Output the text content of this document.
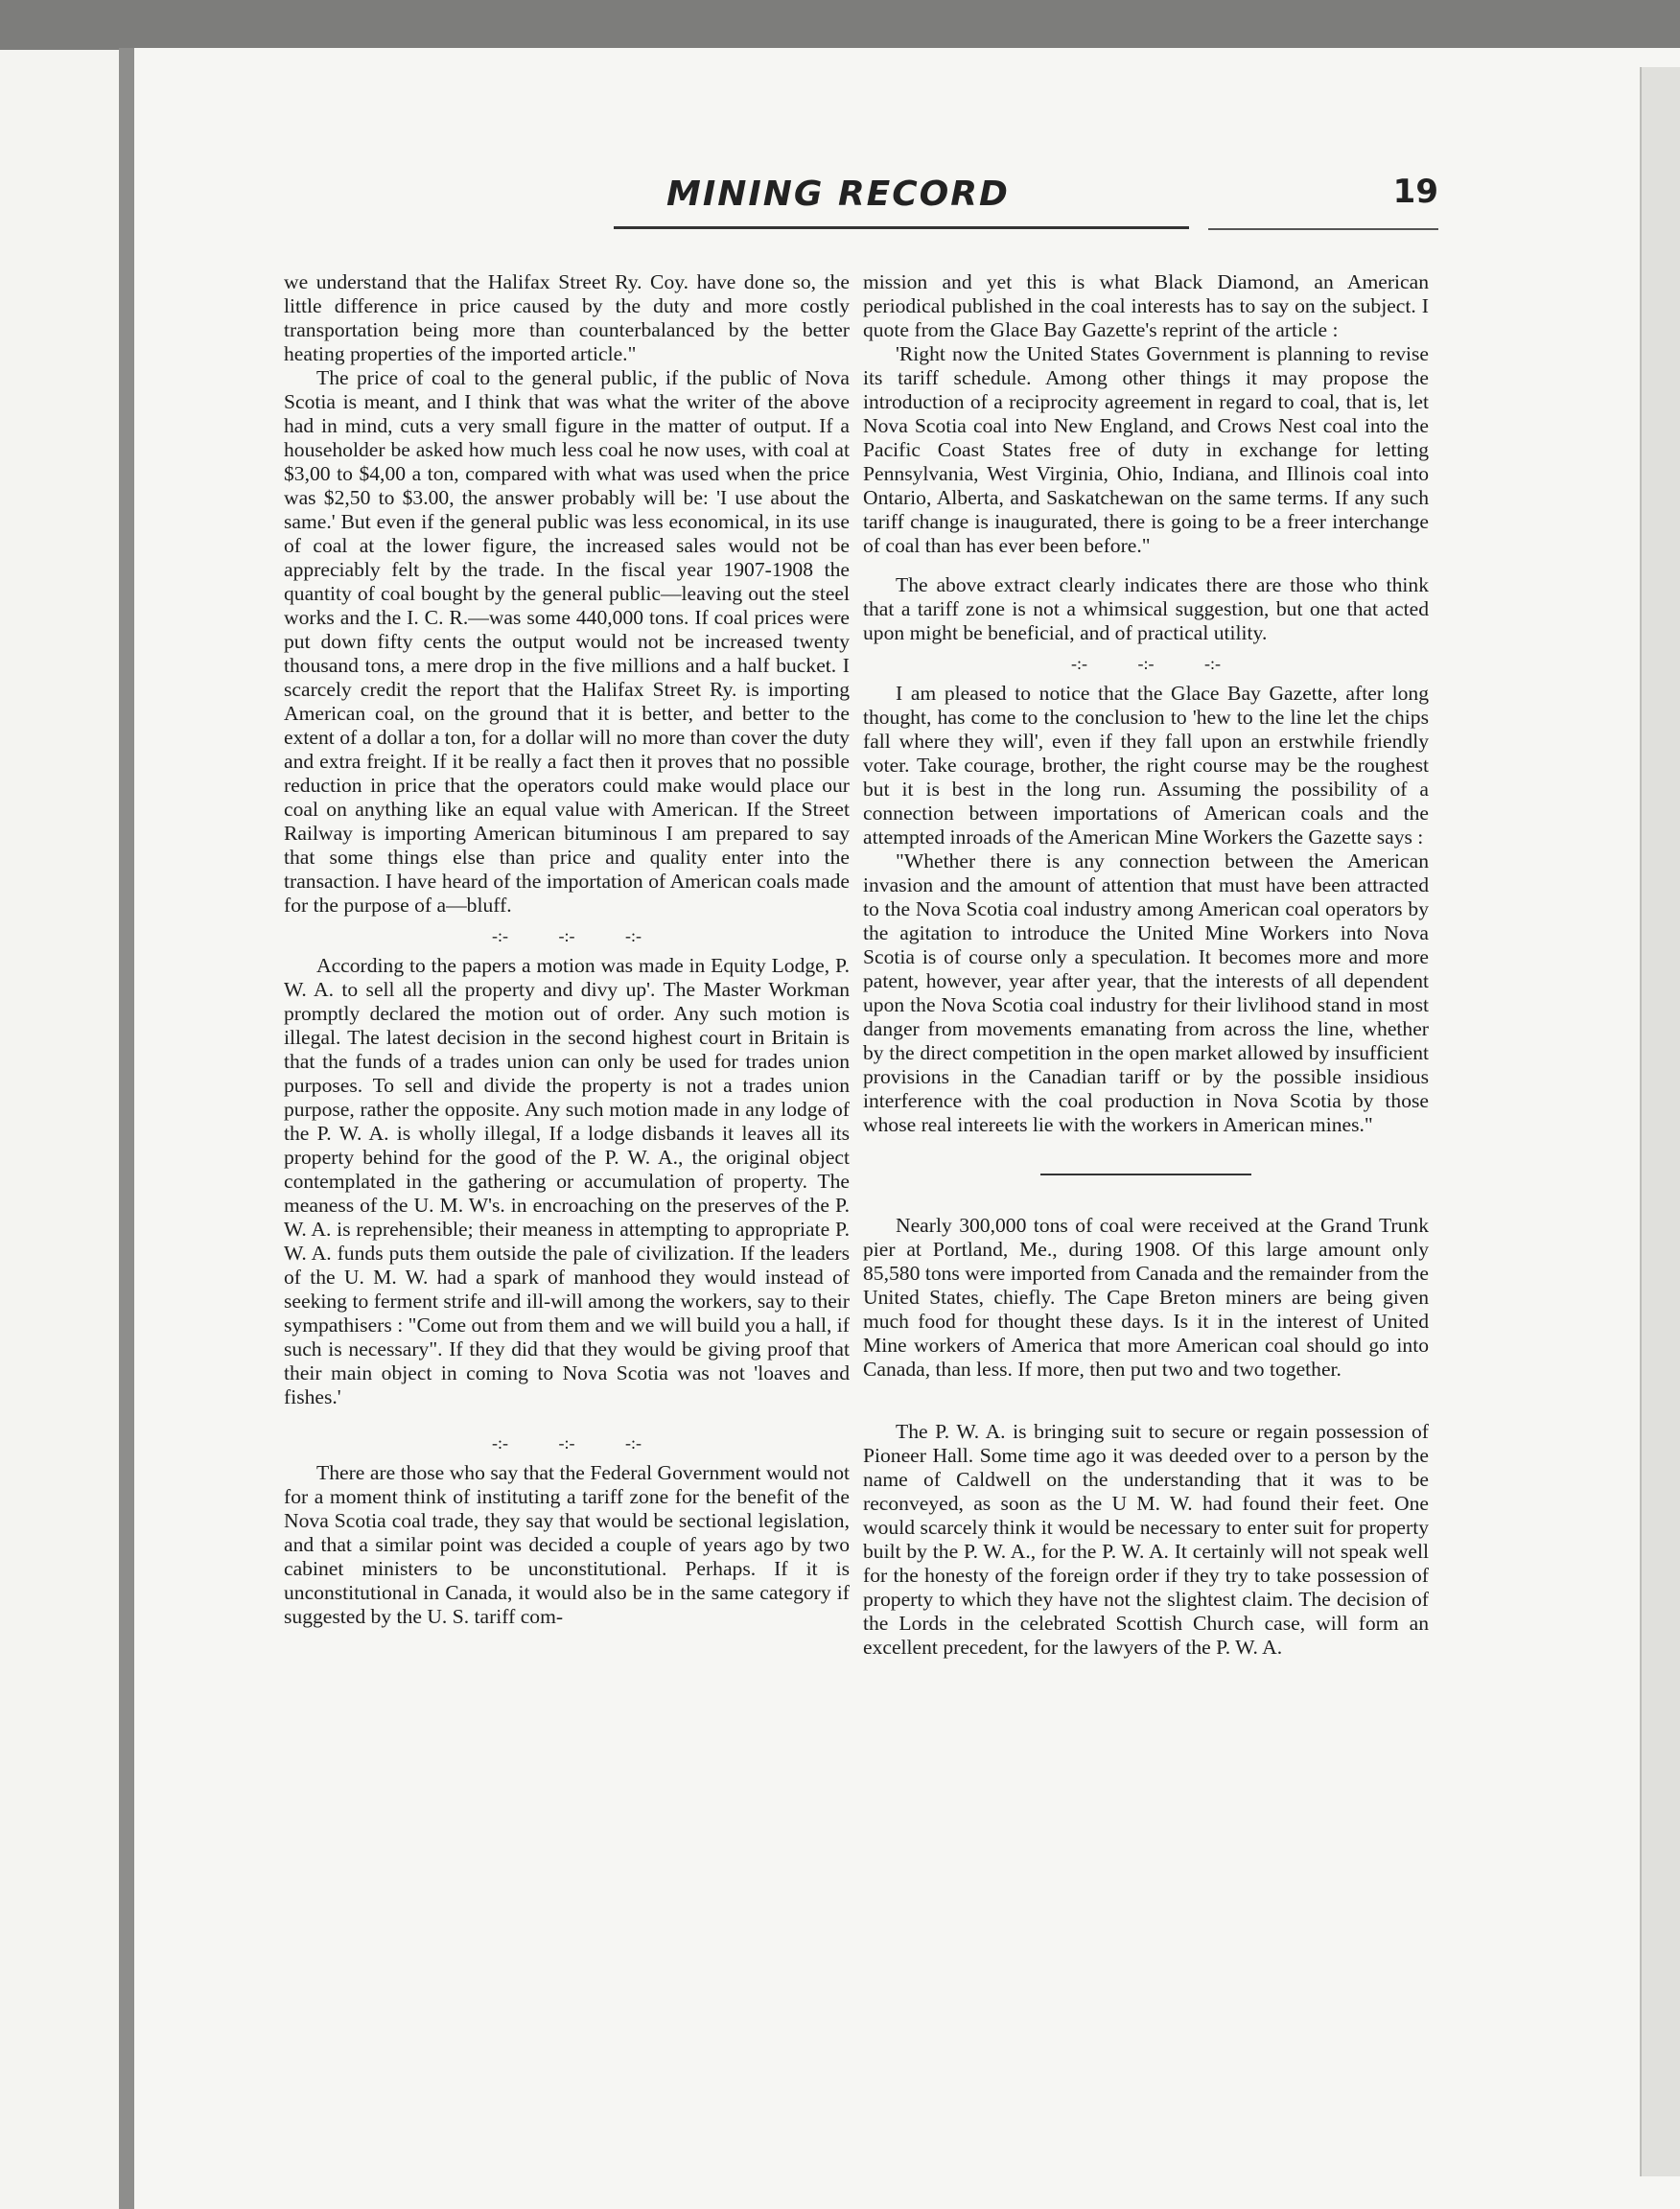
MINING RECORD	19

we understand that the Halifax Street Ry. Coy. have done so, the little difference in price caused by the duty and more costly transportation being more than counterbalanced by the better heating properties of the imported article."

The price of coal to the general public, if the public of Nova Scotia is meant, and I think that was what the writer of the above had in mind, cuts a very small figure in the matter of output. If a householder be asked how much less coal he now uses, with coal at $3,00 to $4,00 a ton, compared with what was used when the price was $2,50 to $3.00, the answer probably will be: 'I use about the same.' But even if the general public was less economical, in its use of coal at the lower figure, the increased sales would not be appreciably felt by the trade. In the fiscal year 1907-1908 the quantity of coal bought by the general public—leaving out the steel works and the I. C. R.—was some 440,000 tons. If coal prices were put down fifty cents the output would not be increased twenty thousand tons, a mere drop in the five millions and a half bucket. I scarcely credit the report that the Halifax Street Ry. is importing American coal, on the ground that it is better, and better to the extent of a dollar a ton, for a dollar will no more than cover the duty and extra freight. If it be really a fact then it proves that no possible reduction in price that the operators could make would place our coal on anything like an equal value with American. If the Street Railway is importing American bituminous I am prepared to say that some things else than price and quality enter into the transaction. I have heard of the importation of American coals made for the purpose of a—bluff.

-:- -:- -:-

According to the papers a motion was made in Equity Lodge, P. W. A. to sell all the property and divy up'. The Master Workman promptly declared the motion out of order. Any such motion is illegal. The latest decision in the second highest court in Britain is that the funds of a trades union can only be used for trades union purposes. To sell and divide the property is not a trades union purpose, rather the opposite. Any such motion made in any lodge of the P. W. A. is wholly illegal, If a lodge disbands it leaves all its property behind for the good of the P. W. A., the original object contemplated in the gathering or accumulation of property. The meaness of the U. M. W's. in encroaching on the preserves of the P. W. A. is reprehensible; their meaness in attempting to appropriate P. W. A. funds puts them outside the pale of civilization. If the leaders of the U. M. W. had a spark of manhood they would instead of seeking to ferment strife and ill-will among the workers, say to their sympathisers : "Come out from them and we will build you a hall, if such is necessary". If they did that they would be giving proof that their main object in coming to Nova Scotia was not 'loaves and fishes.'

-:- -:- -:-

There are those who say that the Federal Government would not for a moment think of instituting a tariff zone for the benefit of the Nova Scotia coal trade, they say that would be sectional legislation, and that a similar point was decided a couple of years ago by two cabinet ministers to be unconstitutional. Perhaps. If it is unconstitutional in Canada, it would also be in the same category if suggested by the U. S. tariff com-

mission and yet this is what Black Diamond, an American periodical published in the coal interests has to say on the subject. I quote from the Glace Bay Gazette's reprint of the article :

'Right now the United States Government is planning to revise its tariff schedule. Among other things it may propose the introduction of a reciprocity agreement in regard to coal, that is, let Nova Scotia coal into New England, and Crows Nest coal into the Pacific Coast States free of duty in exchange for letting Pennsylvania, West Virginia, Ohio, Indiana, and Illinois coal into Ontario, Alberta, and Saskatchewan on the same terms. If any such tariff change is inaugurated, there is going to be a freer interchange of coal than has ever been before."

The above extract clearly indicates there are those who think that a tariff zone is not a whimsical suggestion, but one that acted upon might be beneficial, and of practical utility.

-:- -:- -:-

I am pleased to notice that the Glace Bay Gazette, after long thought, has come to the conclusion to 'hew to the line let the chips fall where they will', even if they fall upon an erstwhile friendly voter. Take courage, brother, the right course may be the roughest but it is best in the long run. Assuming the possibility of a connection between importations of American coals and the attempted inroads of the American Mine Workers the Gazette says :

"Whether there is any connection between the American invasion and the amount of attention that must have been attracted to the Nova Scotia coal industry among American coal operators by the agitation to introduce the United Mine Workers into Nova Scotia is of course only a speculation. It becomes more and more patent, however, year after year, that the interests of all dependent upon the Nova Scotia coal industry for their livlihood stand in most danger from movements emanating from across the line, whether by the direct competition in the open market allowed by insufficient provisions in the Canadian tariff or by the possible insidious interference with the coal production in Nova Scotia by those whose real intereets lie with the workers in American mines."

Nearly 300,000 tons of coal were received at the Grand Trunk pier at Portland, Me., during 1908. Of this large amount only 85,580 tons were imported from Canada and the remainder from the United States, chiefly. The Cape Breton miners are being given much food for thought these days. Is it in the interest of United Mine workers of America that more American coal should go into Canada, than less. If more, then put two and two together.

The P. W. A. is bringing suit to secure or regain possession of Pioneer Hall. Some time ago it was deeded over to a person by the name of Caldwell on the understanding that it was to be reconveyed, as soon as the U M. W. had found their feet. One would scarcely think it would be necessary to enter suit for property built by the P. W. A., for the P. W. A. It certainly will not speak well for the honesty of the foreign order if they try to take possession of property to which they have not the slightest claim. The decision of the Lords in the celebrated Scottish Church case, will form an excellent precedent, for the lawyers of the P. W. A.
